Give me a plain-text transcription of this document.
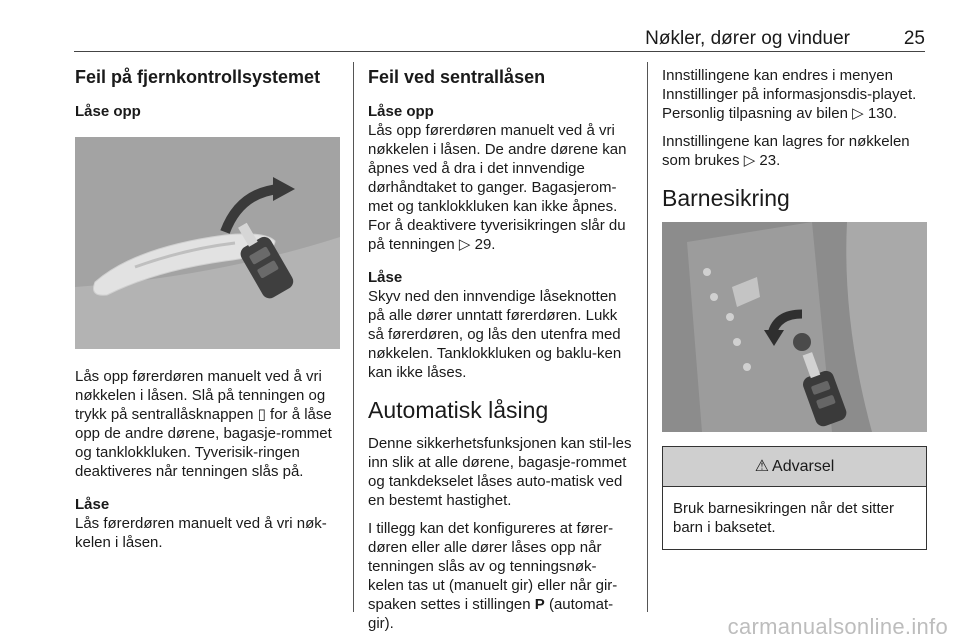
Nøkler, dører og vinduer	25
Feil på fjernkontrollsystemet
Låse opp

Lås opp førerdøren manuelt ved å vri nøkkelen i låsen. Slå på tenningen og trykk på sentrallåsknappen ▯ for å låse opp de andre dørene, bagasje-rommet og tanklokkluken. Tyverisik-ringen deaktiveres når tenningen slås på.

Låse

Lås førerdøren manuelt ved å vri nøk-kelen i låsen.

Feil ved sentrallåsen
Låse opp

Lås opp førerdøren manuelt ved å vri nøkkelen i låsen. De andre dørene kan åpnes ved å dra i det innvendige dørhåndtaket to ganger. Bagasjerom-met og tanklokkluken kan ikke åpnes. For å deaktivere tyverisikringen slår du på tenningen ▷ 29.

Låse

Skyv ned den innvendige låseknotten på alle dører unntatt førerdøren. Lukk så førerdøren, og lås den utenfra med nøkkelen. Tanklokkluken og baklu-ken kan ikke låses.

Automatisk låsing

Denne sikkerhetsfunksjonen kan stil-les inn slik at alle dørene, bagasje-rommet og tankdekselet låses auto-matisk ved en bestemt hastighet.

I tillegg kan det konfigureres at fører-døren eller alle dører låses opp når tenningen slås av og tenningsnøk-kelen tas ut (manuelt gir) eller når gir-spaken settes i stillingen P (automat-gir).

Innstillingene kan endres i menyen Innstillinger på informasjonsdis-playet. Personlig tilpasning av bilen ▷ 130.

Innstillingene kan lagres for nøkkelen som brukes ▷ 23.

Barnesikring
⚠ Advarsel
Bruk barnesikringen når det sitter barn i baksetet.
carmanualsonline.info
